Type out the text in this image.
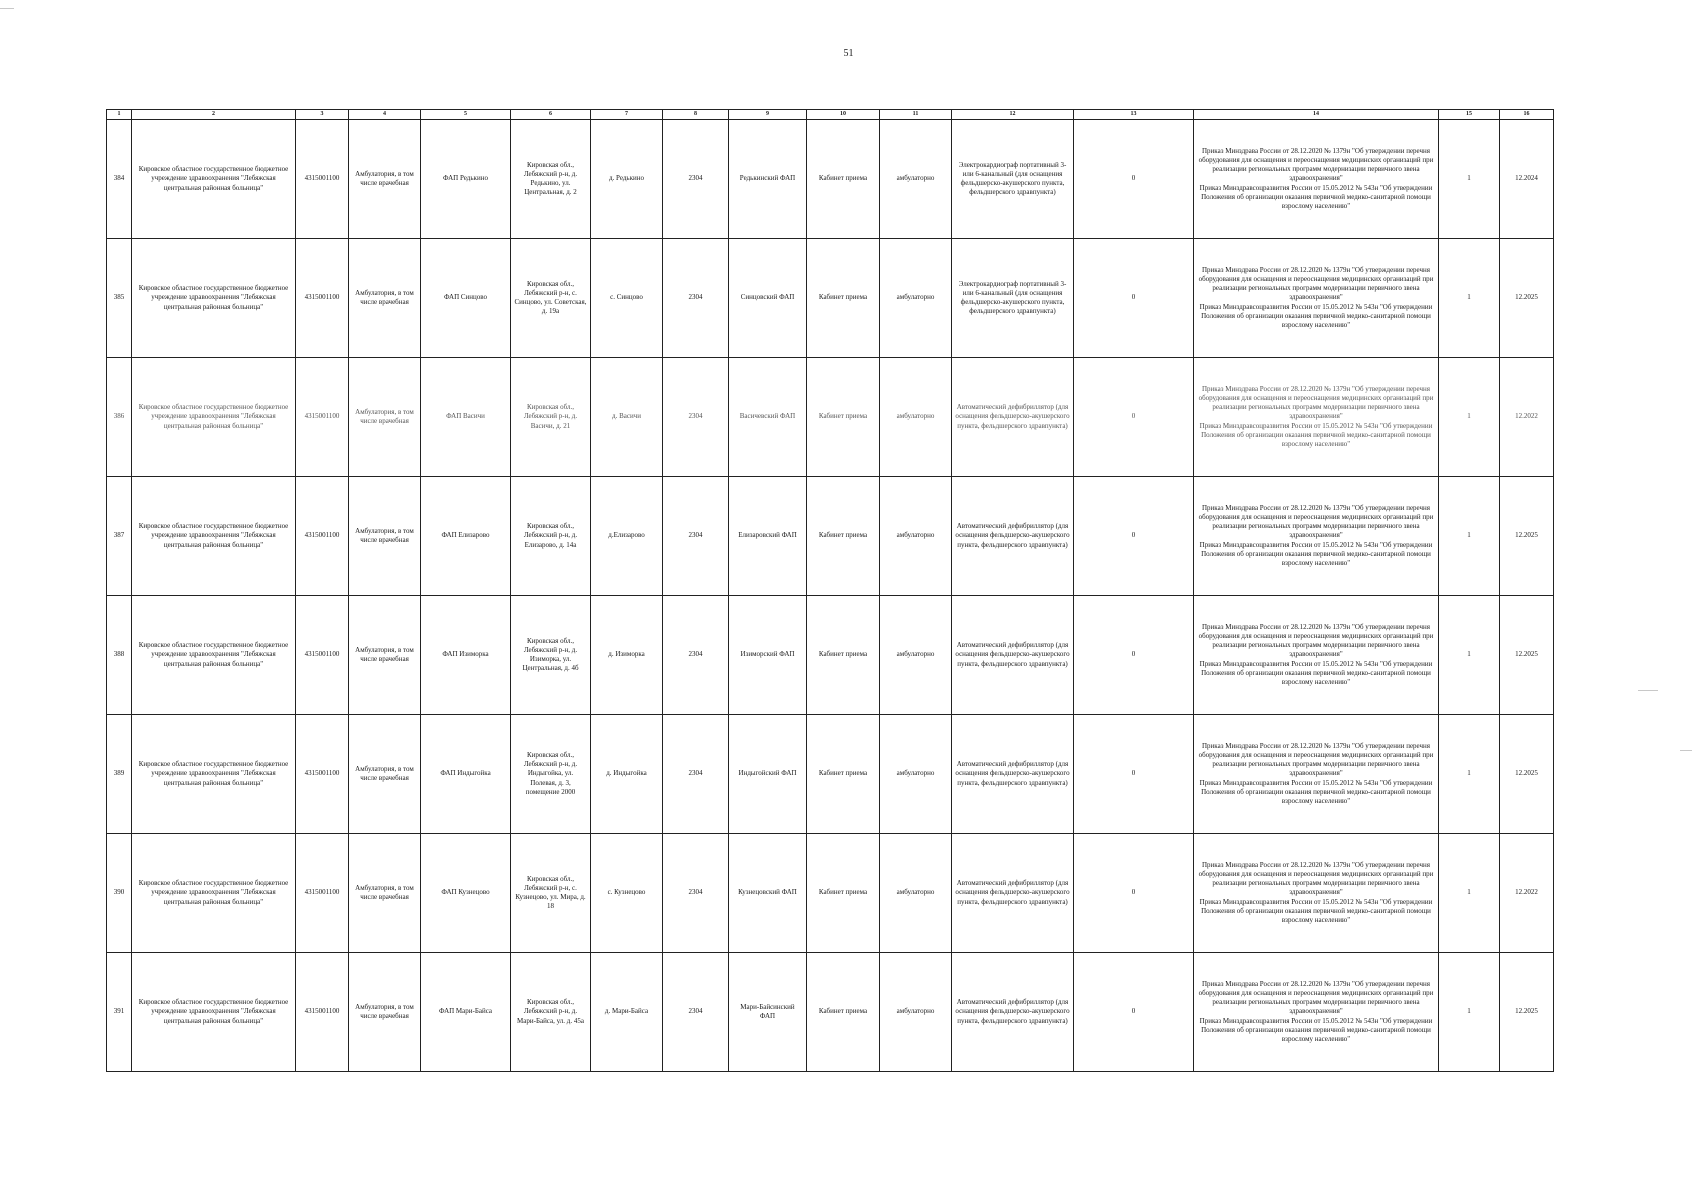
51
1	2	3	4	5	6	7	8	9	10	11	12	13	14	15	16
384	Кировское областное государственное бюджетное учреждение здравоохранения "Лебяжская центральная районная больница"	4315001100	Амбулатория, в том числе врачебная	ФАП Редькино	Кировская обл., Лебяжский р-н, д. Редькино, ул. Центральная, д. 2	д. Редькино	2304	Редькинский ФАП	Кабинет приема	амбулаторно	Электрокардиограф портативный 3- или 6-канальный (для оснащения фельдшерско-акушерского пункта, фельдшерского здравпункта)	0	Приказ Минздрава России от 28.12.2020 № 1379н "Об утверждении перечня оборудования для оснащения и переоснащения медицинских организаций при реализации региональных программ модернизации первичного звена здравоохранения"
Приказ Минздравсоцразвития России от 15.05.2012 № 543н "Об утверждении Положения об организации оказания первичной медико-санитарной помощи взрослому населению"	1	12.2024
385	Кировское областное государственное бюджетное учреждение здравоохранения "Лебяжская центральная районная больница"	4315001100	Амбулатория, в том числе врачебная	ФАП Синцово	Кировская обл., Лебяжский р-н, с. Синцово, ул. Советская, д. 19а	с. Синцово	2304	Синцовский ФАП	Кабинет приема	амбулаторно	Электрокардиограф портативный 3- или 6-канальный (для оснащения фельдшерско-акушерского пункта, фельдшерского здравпункта)	0	Приказ Минздрава России от 28.12.2020 № 1379н "Об утверждении перечня оборудования для оснащения и переоснащения медицинских организаций при реализации региональных программ модернизации первичного звена здравоохранения"
Приказ Минздравсоцразвития России от 15.05.2012 № 543н "Об утверждении Положения об организации оказания первичной медико-санитарной помощи взрослому населению"	1	12.2025
386	Кировское областное государственное бюджетное учреждение здравоохранения "Лебяжская центральная районная больница"	4315001100	Амбулатория, в том числе врачебная	ФАП Васичи	Кировская обл., Лебяжский р-н, д. Васичи, д. 21	д. Васичи	2304	Васичевский ФАП	Кабинет приема	амбулаторно	Автоматический дефибриллятор (для оснащения фельдшерско-акушерского пункта, фельдшерского здравпункта)	0	Приказ Минздрава России от 28.12.2020 № 1379н "Об утверждении перечня оборудования для оснащения и переоснащения медицинских организаций при реализации региональных программ модернизации первичного звена здравоохранения"
Приказ Минздравсоцразвития России от 15.05.2012 № 543н "Об утверждении Положения об организации оказания первичной медико-санитарной помощи взрослому населению"	1	12.2022
387	Кировское областное государственное бюджетное учреждение здравоохранения "Лебяжская центральная районная больница"	4315001100	Амбулатория, в том числе врачебная	ФАП Елизарово	Кировская обл., Лебяжский р-н, д. Елизарово, д. 14а	д.Елизарово	2304	Елизаровский ФАП	Кабинет приема	амбулаторно	Автоматический дефибриллятор (для оснащения фельдшерско-акушерского пункта, фельдшерского здравпункта)	0	Приказ Минздрава России от 28.12.2020 № 1379н "Об утверждении перечня оборудования для оснащения и переоснащения медицинских организаций при реализации региональных программ модернизации первичного звена здравоохранения"
Приказ Минздравсоцразвития России от 15.05.2012 № 543н "Об утверждении Положения об организации оказания первичной медико-санитарной помощи взрослому населению"	1	12.2025
388	Кировское областное государственное бюджетное учреждение здравоохранения "Лебяжская центральная районная больница"	4315001100	Амбулатория, в том числе врачебная	ФАП Изиморка	Кировская обл., Лебяжский р-н, д. Изиморка, ул. Центральная, д. 4б	д. Изиморка	2304	Изиморский ФАП	Кабинет приема	амбулаторно	Автоматический дефибриллятор (для оснащения фельдшерско-акушерского пункта, фельдшерского здравпункта)	0	Приказ Минздрава России от 28.12.2020 № 1379н "Об утверждении перечня оборудования для оснащения и переоснащения медицинских организаций при реализации региональных программ модернизации первичного звена здравоохранения"
Приказ Минздравсоцразвития России от 15.05.2012 № 543н "Об утверждении Положения об организации оказания первичной медико-санитарной помощи взрослому населению"	1	12.2025
389	Кировское областное государственное бюджетное учреждение здравоохранения "Лебяжская центральная районная больница"	4315001100	Амбулатория, в том числе врачебная	ФАП Индыгойка	Кировская обл., Лебяжский р-н, д. Индыгойка, ул. Полевая, д. 3, помещение 2000	д. Индыгойка	2304	Индыгойский ФАП	Кабинет приема	амбулаторно	Автоматический дефибриллятор (для оснащения фельдшерско-акушерского пункта, фельдшерского здравпункта)	0	Приказ Минздрава России от 28.12.2020 № 1379н "Об утверждении перечня оборудования для оснащения и переоснащения медицинских организаций при реализации региональных программ модернизации первичного звена здравоохранения"
Приказ Минздравсоцразвития России от 15.05.2012 № 543н "Об утверждении Положения об организации оказания первичной медико-санитарной помощи взрослому населению"	1	12.2025
390	Кировское областное государственное бюджетное учреждение здравоохранения "Лебяжская центральная районная больница"	4315001100	Амбулатория, в том числе врачебная	ФАП Кузнецово	Кировская обл., Лебяжский р-н, с. Кузнецово, ул. Мира, д. 18	с. Кузнецово	2304	Кузнецовский ФАП	Кабинет приема	амбулаторно	Автоматический дефибриллятор (для оснащения фельдшерско-акушерского пункта, фельдшерского здравпункта)	0	Приказ Минздрава России от 28.12.2020 № 1379н "Об утверждении перечня оборудования для оснащения и переоснащения медицинских организаций при реализации региональных программ модернизации первичного звена здравоохранения"
Приказ Минздравсоцразвития России от 15.05.2012 № 543н "Об утверждении Положения об организации оказания первичной медико-санитарной помощи взрослому населению"	1	12.2022
391	Кировское областное государственное бюджетное учреждение здравоохранения "Лебяжская центральная районная больница"	4315001100	Амбулатория, в том числе врачебная	ФАП Мари-Байса	Кировская обл., Лебяжский р-н, д. Мари-Байса, ул. д. 45а	д. Мари-Байса	2304	Мари-Байсинский ФАП	Кабинет приема	амбулаторно	Автоматический дефибриллятор (для оснащения фельдшерско-акушерского пункта, фельдшерского здравпункта)	0	Приказ Минздрава России от 28.12.2020 № 1379н "Об утверждении перечня оборудования для оснащения и переоснащения медицинских организаций при реализации региональных программ модернизации первичного звена здравоохранения"
Приказ Минздравсоцразвития России от 15.05.2012 № 543н "Об утверждении Положения об организации оказания первичной медико-санитарной помощи взрослому населению"	1	12.2025
